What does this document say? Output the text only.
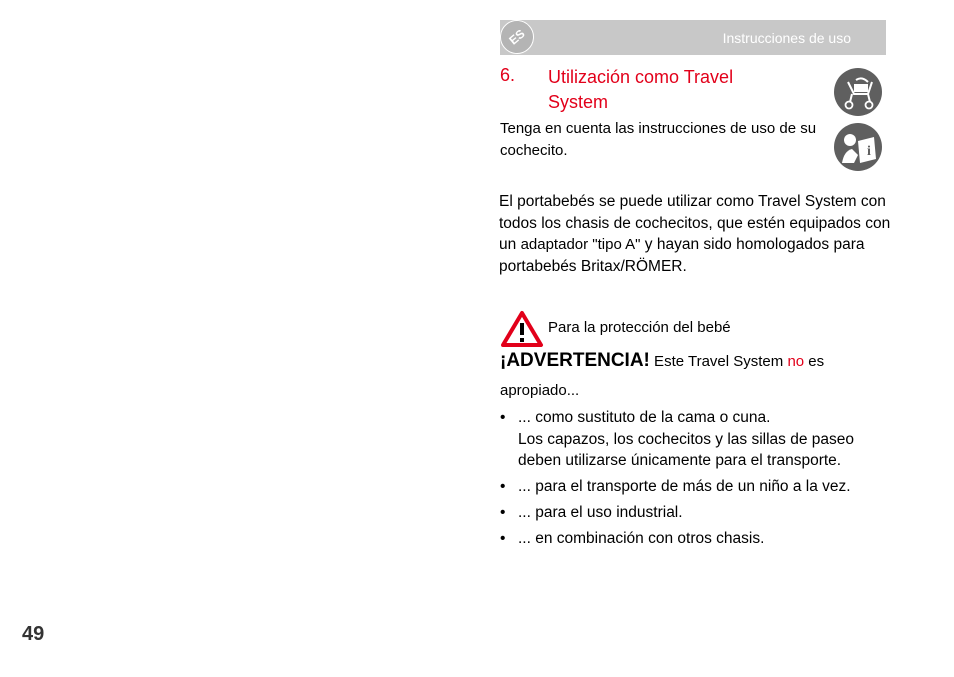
ES	Instrucciones de uso
6. Utilización como Travel System
i
Tenga en cuenta las instrucciones de uso de su cochecito.
El portabebés se puede utilizar como Travel System con todos los chasis de cochecitos, que estén equipados con un adaptador "tipo A" y hayan sido homologados para portabebés Britax/RÖMER.
Para la protección del bebé
¡ADVERTENCIA! Este Travel System no es
apropiado...
• ... como sustituto de la cama o cuna.
Los capazos, los cochecitos y las sillas de paseo deben utilizarse únicamente para el transporte.
• ... para el transporte de más de un niño a la vez.
• ... para el uso industrial.
• ... en combinación con otros chasis.
49
